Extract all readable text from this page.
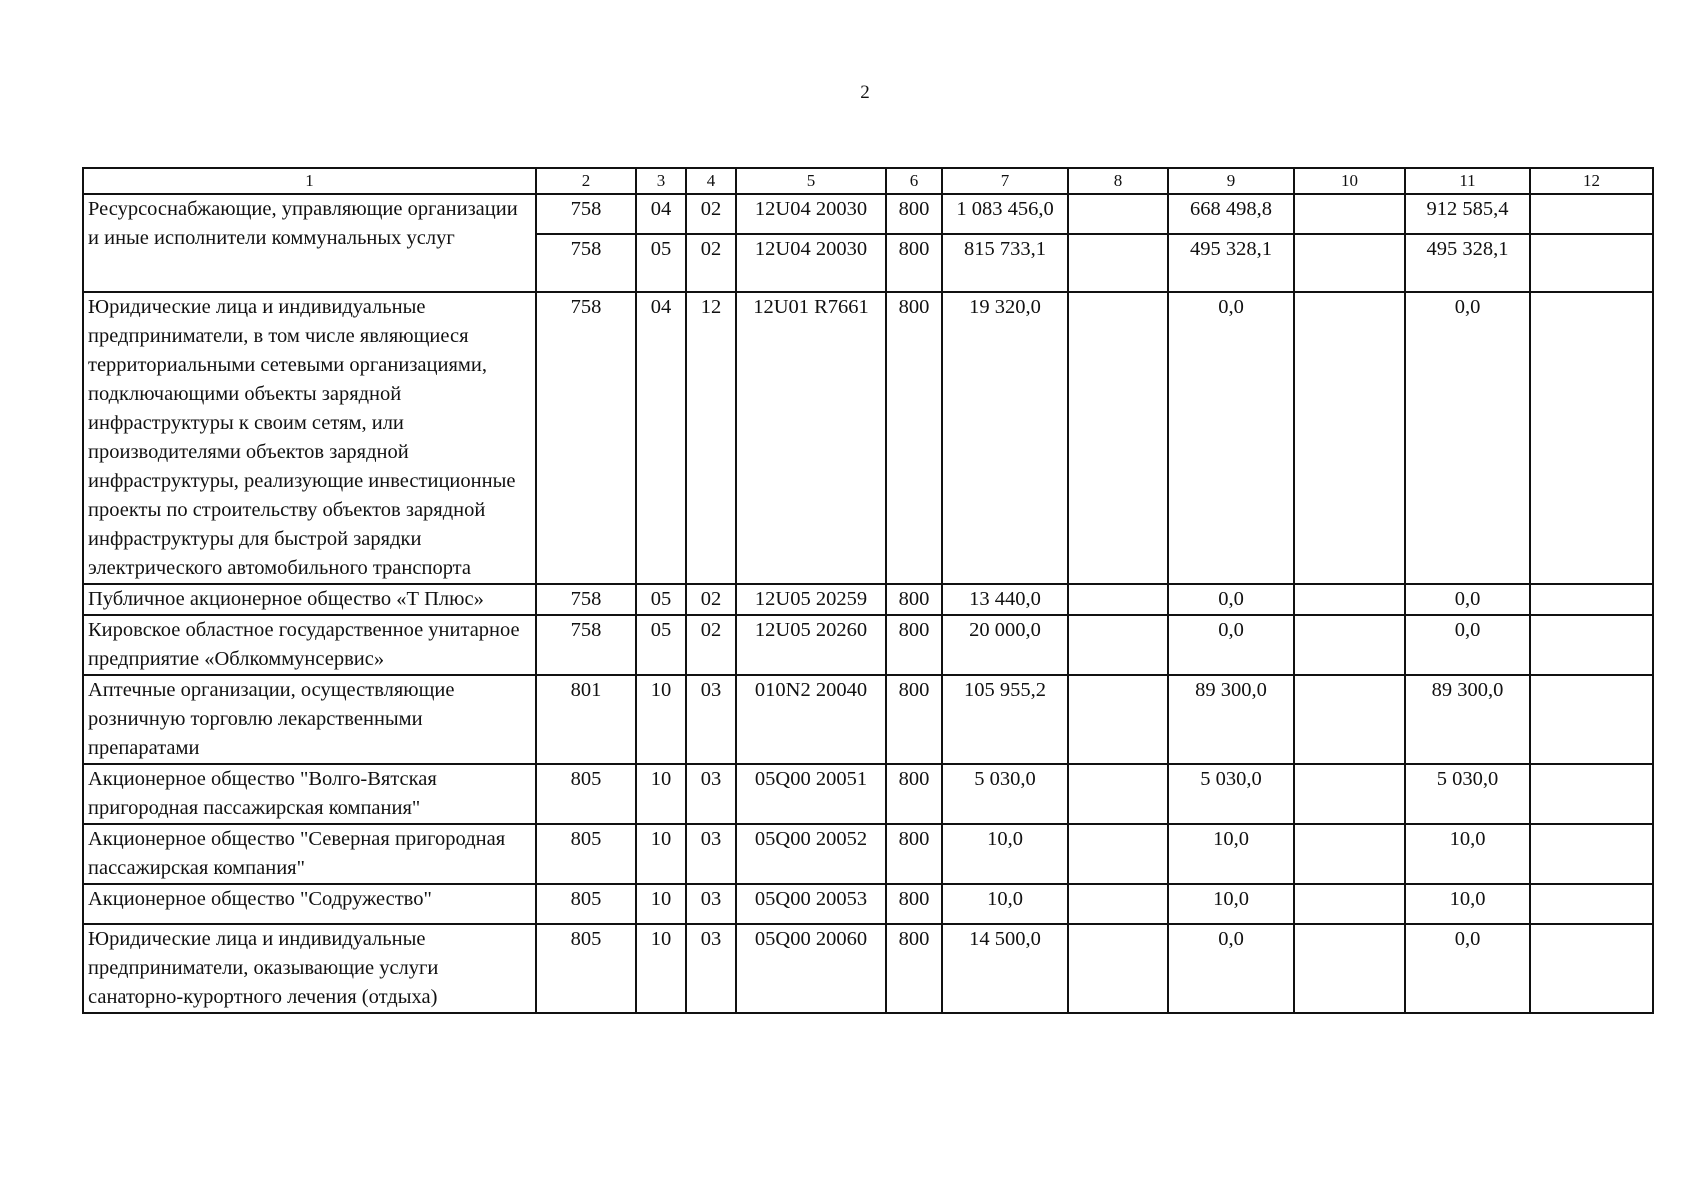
2
1	2	3	4	5	6	7	8	9	10	11	12
Ресурсоснабжающие, управляющие организации и иные исполнители коммунальных услуг	758	04	02	12U04 20030	800	1 083 456,0		668 498,8		912 585,4	
	758	05	02	12U04 20030	800	815 733,1		495 328,1		495 328,1	
Юридические лица и индивидуальные предприниматели, в том числе являющиеся территориальными сетевыми организациями, подключающими объекты зарядной инфраструктуры к своим сетям, или производителями объектов зарядной инфраструктуры, реализующие инвестиционные проекты по строительству объектов зарядной инфраструктуры для быстрой зарядки электрического автомобильного транспорта	758	04	12	12U01 R7661	800	19 320,0		0,0		0,0	
Публичное акционерное общество «Т Плюс»	758	05	02	12U05 20259	800	13 440,0		0,0		0,0	
Кировское областное государственное унитарное предприятие «Облкоммунсервис»	758	05	02	12U05 20260	800	20 000,0		0,0		0,0	
Аптечные организации, осуществляющие розничную торговлю лекарственными препаратами	801	10	03	010N2 20040	800	105 955,2		89 300,0		89 300,0	
Акционерное общество "Волго-Вятская пригородная пассажирская компания"	805	10	03	05Q00 20051	800	5 030,0		5 030,0		5 030,0	
Акционерное общество "Северная пригородная пассажирская компания"	805	10	03	05Q00 20052	800	10,0		10,0		10,0	
Акционерное общество "Содружество"	805	10	03	05Q00 20053	800	10,0		10,0		10,0	
Юридические лица и индивидуальные предприниматели, оказывающие услуги санаторно-курортного лечения (отдыха)	805	10	03	05Q00 20060	800	14 500,0		0,0		0,0	
